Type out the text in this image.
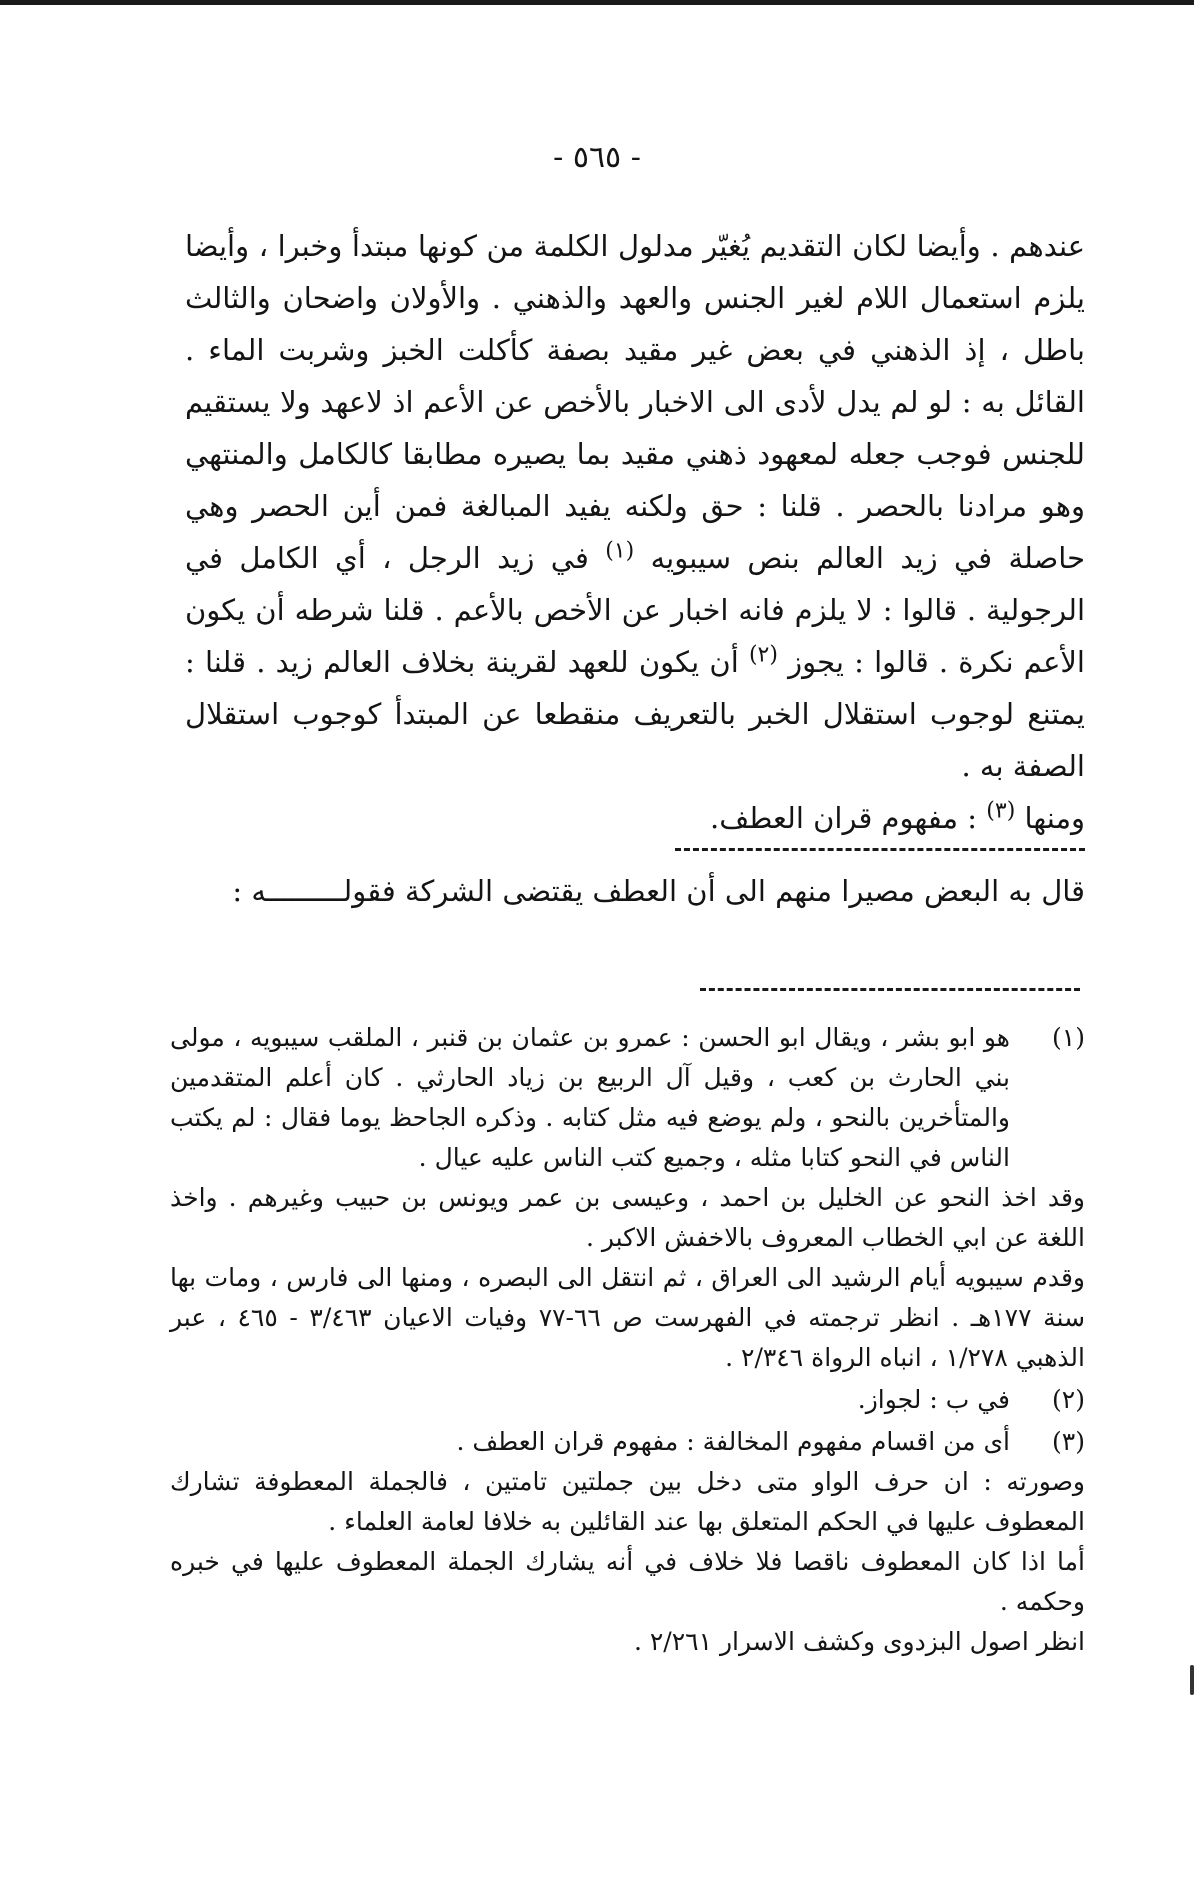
- ٥٦٥ -

عندهم . وأيضا لكان التقديم يُغيّر مدلول الكلمة من كونها مبتدأ وخبرا ، وأيضا يلزم استعمال اللام لغير الجنس والعهد والذهني . والأولان واضحان والثالث باطل ، إذ الذهني في بعض غير مقيد بصفة كأكلت الخبز وشربت الماء . القائل به : لو لم يدل لأدى الى الاخبار بالأخص عن الأعم اذ لاعهد ولا يستقيم للجنس فوجب جعله لمعهود ذهني مقيد بما يصيره مطابقا كالكامل والمنتهي وهو مرادنا بالحصر . قلنا : حق ولكنه يفيد المبالغة فمن أين الحصر وهي حاصلة في زيد العالم بنص سيبويه $^{(١)}$ في زيد الرجل ، أي الكامل في الرجولية . قالوا : لا يلزم فانه اخبار عن الأخص بالأعم . قلنا شرطه أن يكون الأعم نكرة . قالوا : يجوز $^{(٢)}$ أن يكون للعهد لقرينة بخلاف العالم زيد . قلنا : يمتنع لوجوب استقلال الخبر بالتعريف منقطعا عن المبتدأ كوجوب استقلال الصفة به .

ومنها $^{(٣)}$ : مفهوم قران العطف.

قال به البعض مصيرا منهم الى أن العطف يقتضى الشركة فقولـــــــــه :

(١)

هو ابو بشر ، ويقال ابو الحسن : عمرو بن عثمان بن قنبر ، الملقب سيبويه ، مولى بني الحارث بن كعب ، وقيل آل الربيع بن زياد الحارثي . كان أعلم المتقدمين والمتأخرين بالنحو ، ولم يوضع فيه مثل كتابه . وذكره الجاحظ يوما فقال : لم يكتب الناس في النحو كتابا مثله ، وجميع كتب الناس عليه عيال .

وقد اخذ النحو عن الخليل بن احمد ، وعيسى بن عمر ويونس بن حبيب وغيرهم . واخذ اللغة عن ابي الخطاب المعروف بالاخفش الاكبر .

وقدم سيبويه أيام الرشيد الى العراق ، ثم انتقل الى البصره ، ومنها الى فارس ، ومات بها سنة ١٧٧هـ . انظر ترجمته في الفهرست ص ٦٦-٧٧ وفيات الاعيان ٣/٤٦٣ - ٤٦٥ ، عبر الذهبي ١/٢٧٨ ، انباه الرواة ٢/٣٤٦ .

(٢)

في ب : لجواز.

(٣)

أى من اقسام مفهوم المخالفة : مفهوم قران العطف .

وصورته : ان حرف الواو متى دخل بين جملتين تامتين ، فالجملة المعطوفة تشارك المعطوف عليها في الحكم المتعلق بها عند القائلين به خلافا لعامة العلماء .

أما اذا كان المعطوف ناقصا فلا خلاف في أنه يشارك الجملة المعطوف عليها في خبره وحكمه .

انظر اصول البزدوى وكشف الاسرار ٢/٢٦١ .
